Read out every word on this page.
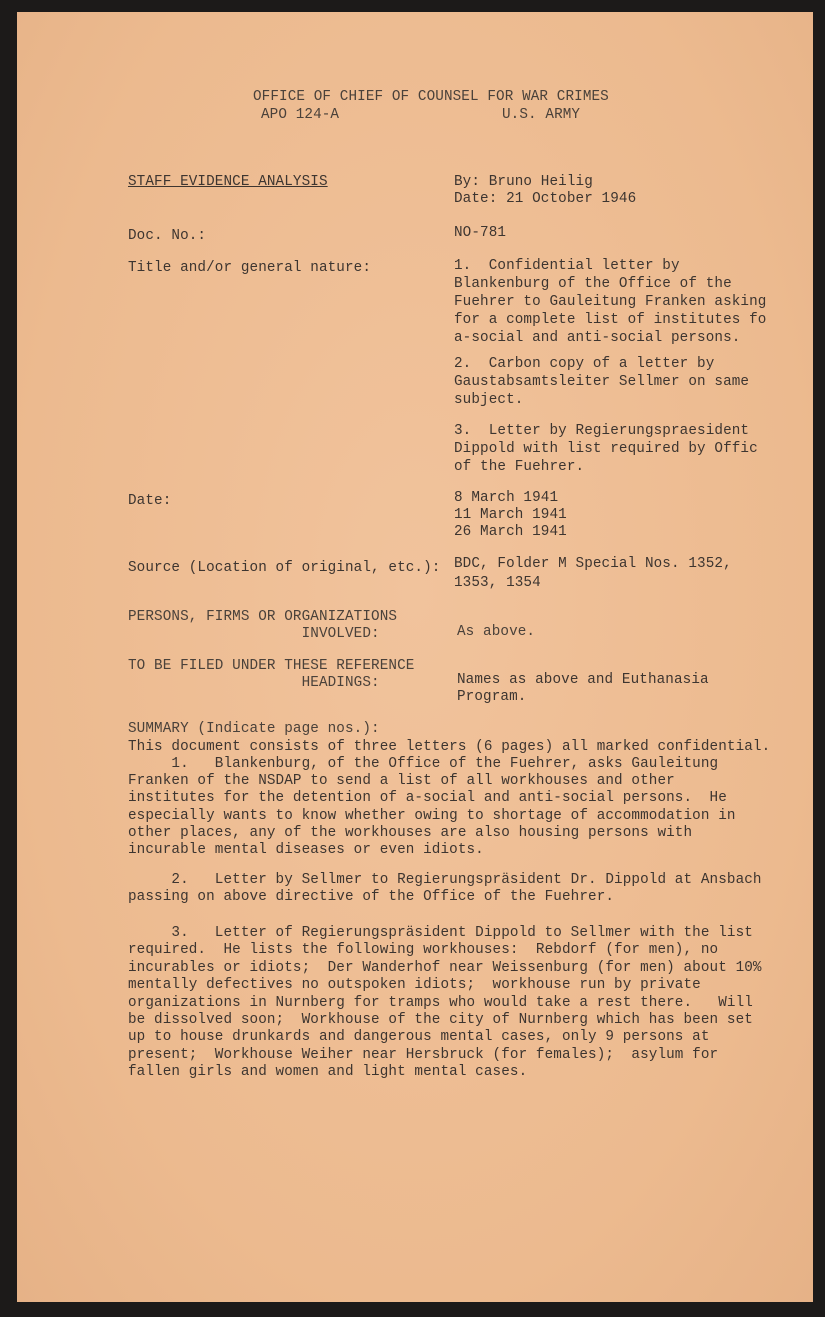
OFFICE OF CHIEF OF COUNSEL FOR WAR CRIMES
APO 124-A	U.S. ARMY
STAFF EVIDENCE ANALYSIS	By: Bruno Heilig
Date: 21 October 1946
Doc. No.:	NO-781
Title and/or general nature:	1.  Confidential letter by
Blankenburg of the Office of the
Fuehrer to Gauleitung Franken asking
for a complete list of institutes fo
a-social and anti-social persons.
2.  Carbon copy of a letter by
Gaustabsamtsleiter Sellmer on same
subject.
3.  Letter by Regierungspraesident
Dippold with list required by Offic
of the Fuehrer.
Date:	8 March 1941
11 March 1941
26 March 1941
Source (Location of original, etc.): BDC, Folder M Special Nos. 1352,
1353, 1354
PERSONS, FIRMS OR ORGANIZATIONS
INVOLVED:	As above.
TO BE FILED UNDER THESE REFERENCE
HEADINGS:	Names as above and Euthanasia
Program.
SUMMARY (Indicate page nos.):
This document consists of three letters (6 pages) all marked confidential.
1.   Blankenburg, of the Office of the Fuehrer, asks Gauleitung
Franken of the NSDAP to send a list of all workhouses and other
institutes for the detention of a-social and anti-social persons.  He
especially wants to know whether owing to shortage of accommodation in
other places, any of the workhouses are also housing persons with
incurable mental diseases or even idiots.
2.   Letter by Sellmer to Regierungspräsident Dr. Dippold at Ansbach
passing on above directive of the Office of the Fuehrer.
3.   Letter of Regierungspräsident Dippold to Sellmer with the list
required.  He lists the following workhouses:  Rebdorf (for men), no
incurables or idiots;  Der Wanderhof near Weissenburg (for men) about 10%
mentally defectives no outspoken idiots;  workhouse run by private
organizations in Nurnberg for tramps who would take a rest there.   Will
be dissolved soon;  Workhouse of the city of Nurnberg which has been set
up to house drunkards and dangerous mental cases, only 9 persons at
present;  Workhouse Weiher near Hersbruck (for females);  asylum for
fallen girls and women and light mental cases.
